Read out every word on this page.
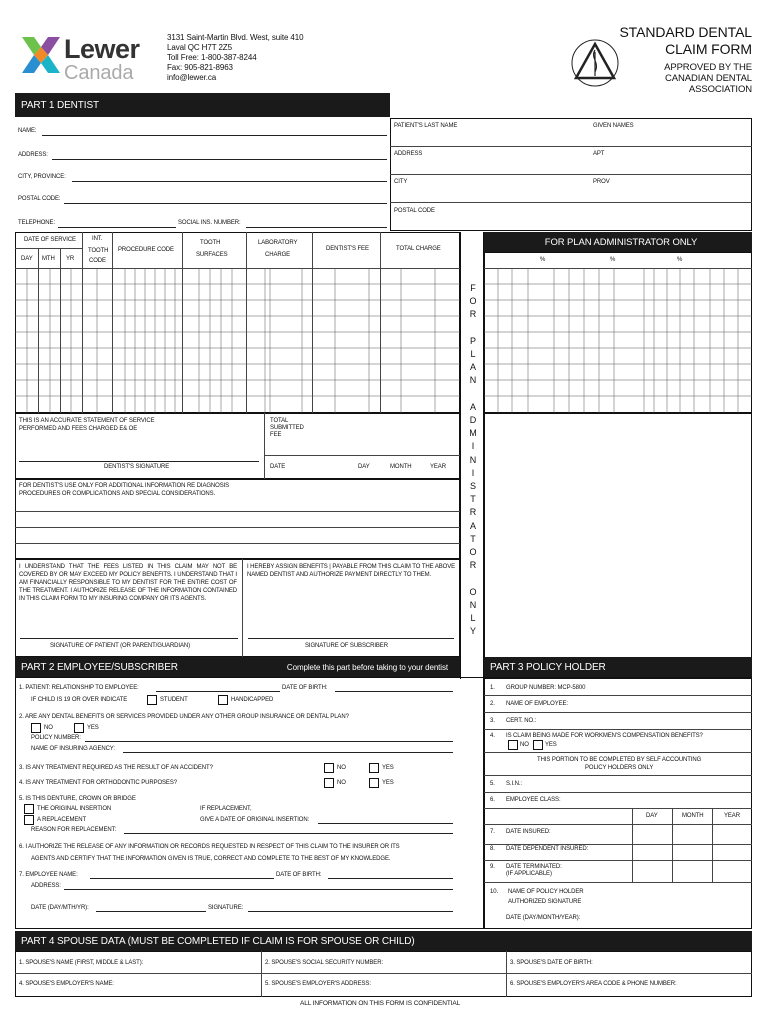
Lewer
Canada
3131 Saint-Martin Blvd. West, suite 410
Laval QC H7T 2Z5
Toll Free: 1-800-387-8244
Fax: 905-821-8963
info@lewer.ca
STANDARD DENTAL
CLAIM FORM
APPROVED BY THE
CANADIAN DENTAL
ASSOCIATION
PART 1 DENTIST
NAME:
ADDRESS:
CITY, PROVINCE:
POSTAL CODE:
TELEPHONE:	SOCIAL INS. NUMBER:
PATIENT'S LAST NAME	GIVEN NAMES
ADDRESS	APT
CITY	PROV
POSTAL CODE
DATE OF SERVICE
DAY MTH YR
INT.
TOOTH
CODE
PROCEDURE CODE
TOOTH
SURFACES
LABORATORY
CHARGE
DENTIST'S FEE	TOTAL CHARGE
F
O
R

P
L
A
N

A
D
M
I
N
I
S
T
R
A
T
O
R

O
N
L
Y
FOR PLAN ADMINISTRATOR ONLY
%	%	%
THIS IS AN ACCURATE STATEMENT OF SERVICE
PERFORMED AND FEES CHARGED E& OE
DENTIST'S SIGNATURE
TOTAL
SUBMITTED
FEE
DATE	DAY	MONTH	YEAR
FOR DENTIST'S USE ONLY FOR ADDITIONAL INFORMATION RE DIAGNOSIS
PROCEDURES OR COMPLICATIONS AND SPECIAL CONSIDERATIONS.
I UNDERSTAND THAT THE FEES LISTED IN THIS CLAIM MAY NOT BE COVERED BY OR MAY EXCEED MY POLICY BENEFITS. I UNDERSTAND THAT I AM FINANCIALLY RESPONSIBLE TO MY DENTIST FOR THE ENTIRE COST OF THE TREATMENT. I AUTHORIZE RELEASE OF THE INFORMATION CONTAINED IN THIS CLAIM FORM TO MY INSURING COMPANY OR ITS AGENTS.
I HEREBY ASSIGN BENEFITS | PAYABLE FROM THIS CLAIM TO THE ABOVE NAMED DENTIST AND AUTHORIZE PAYMENT DIRECTLY TO THEM.
SIGNATURE OF PATIENT (OR PARENT/GUARDIAN)	SIGNATURE OF SUBSCRIBER
PART 2 EMPLOYEE/SUBSCRIBER	Complete this part before taking to your dentist
1. PATIENT: RELATIONSHIP TO EMPLOYEE:	DATE OF BIRTH:
IF CHILD IS 19 OR OVER INDICATE	STUDENT	HANDICAPPED
2. ARE ANY DENTAL BENEFITS OR SERVICES PROVIDED UNDER ANY OTHER GROUP INSURANCE OR DENTAL PLAN?
NO	YES
POLICY NUMBER:
NAME OF INSURING AGENCY:
3. IS ANY TREATMENT REQUIRED AS THE RESULT OF AN ACCIDENT?	NO	YES
4. IS ANY TREATMENT FOR ORTHODONTIC PURPOSES?	NO	YES
5. IS THIS DENTURE, CROWN OR BRIDGE
THE ORIGINAL INSERTION
A REPLACEMENT
IF REPLACEMENT,
GIVE A DATE OF ORIGINAL INSERTION:
REASON FOR REPLACEMENT:
6. I AUTHORIZE THE RELEASE OF ANY INFORMATION OR RECORDS REQUESTED IN RESPECT OF THIS CLAIM TO THE INSURER OR ITS
AGENTS AND CERTIFY THAT THE INFORMATION GIVEN IS TRUE, CORRECT AND COMPLETE TO THE BEST OF MY KNOWLEDGE.
7. EMPLOYEE NAME:	DATE OF BIRTH:
ADDRESS:
DATE (DAY/MTH/YR):	SIGNATURE:
PART 3 POLICY HOLDER
1. GROUP NUMBER: MCP-5800
2. NAME OF EMPLOYEE:
3. CERT. NO.:
4. IS CLAIM BEING MADE FOR WORKMEN'S COMPENSATION BENEFITS?
NO	YES
THIS PORTION TO BE COMPLETED BY SELF ACCOUNTING
POLICY HOLDERS ONLY
5. S.I.N.:
6. EMPLOYEE CLASS:
DAY	MONTH	YEAR
7. DATE INSURED:
8. DATE DEPENDENT INSURED:
9. DATE TERMINATED:
(IF APPLICABLE)
10. NAME OF POLICY HOLDER
AUTHORIZED SIGNATURE
DATE (DAY/MONTH/YEAR):
PART 4 SPOUSE DATA (MUST BE COMPLETED IF CLAIM IS FOR SPOUSE OR CHILD)
1. SPOUSE'S NAME (FIRST, MIDDLE & LAST):	2. SPOUSE'S SOCIAL SECURITY NUMBER:	3. SPOUSE'S DATE OF BIRTH:
4. SPOUSE'S EMPLOYER'S NAME:	5. SPOUSE'S EMPLOYER'S ADDRESS:	6. SPOUSE'S EMPLOYER'S AREA CODE & PHONE NUMBER:
ALL INFORMATION ON THIS FORM IS CONFIDENTIAL
